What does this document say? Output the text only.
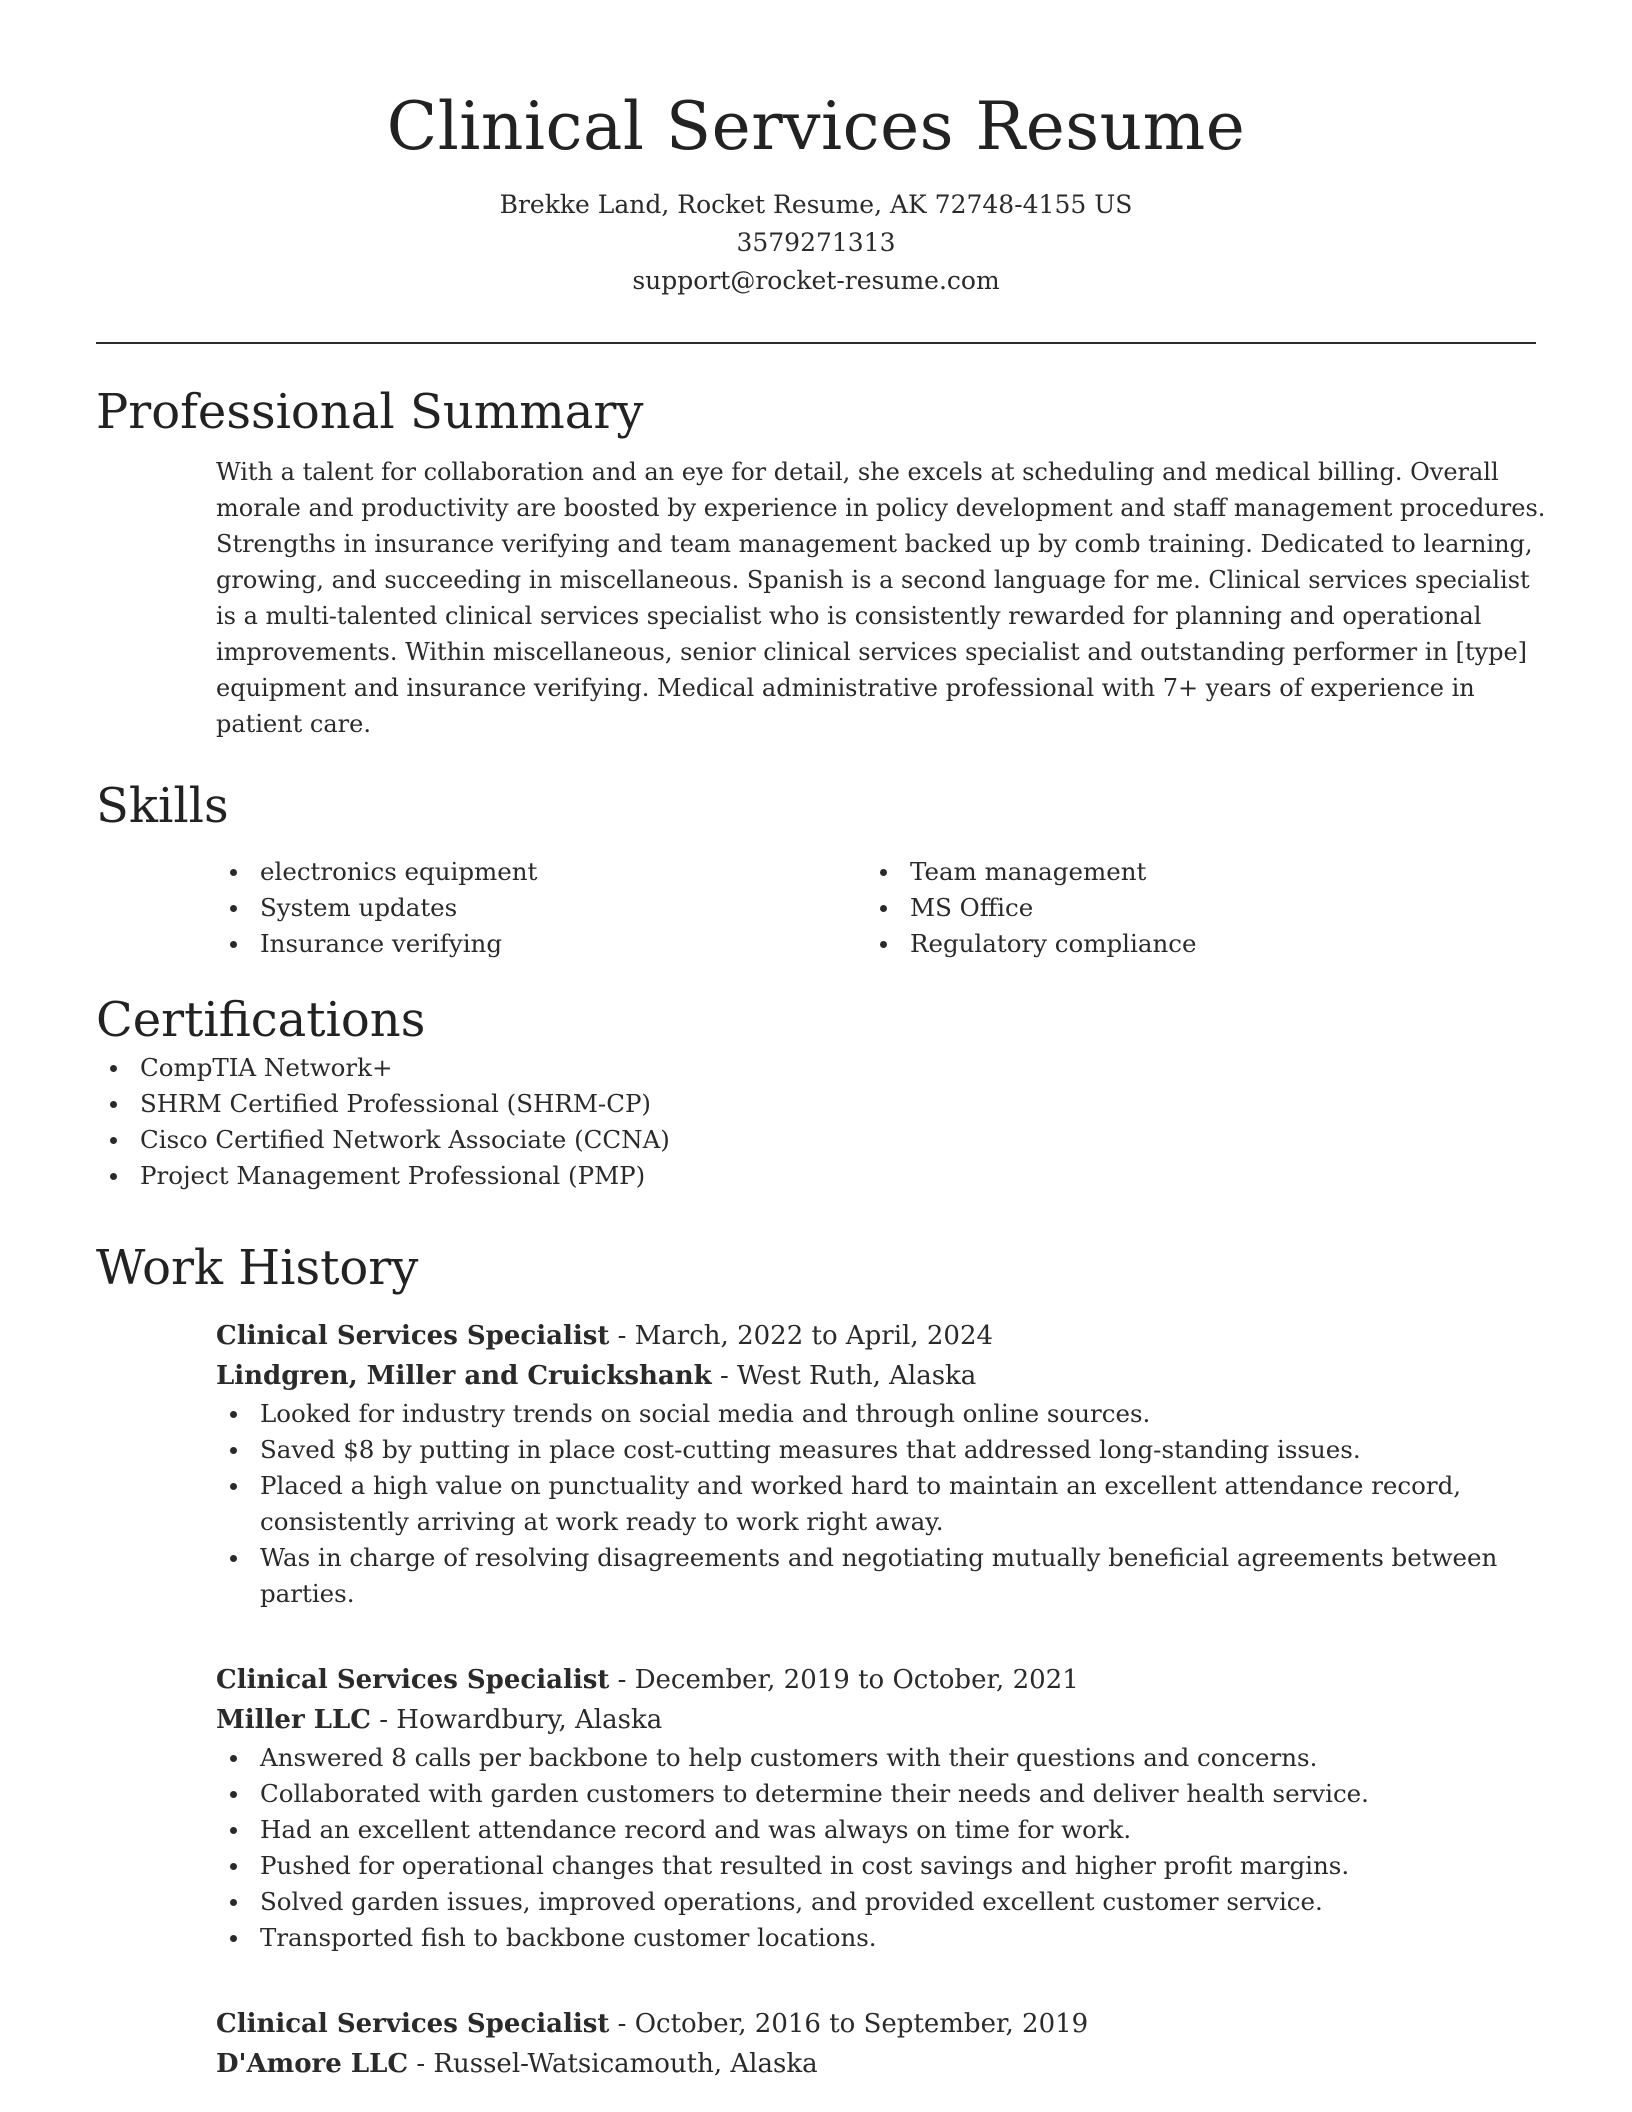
Clinical Services Resume
Brekke Land, Rocket Resume, AK 72748-4155 US
3579271313
support@rocket-resume.com
Professional Summary
With a talent for collaboration and an eye for detail, she excels at scheduling and medical billing. Overall morale and productivity are boosted by experience in policy development and staff management procedures. Strengths in insurance verifying and team management backed up by comb training. Dedicated to learning, growing, and succeeding in miscellaneous. Spanish is a second language for me. Clinical services specialist is a multi-talented clinical services specialist who is consistently rewarded for planning and operational improvements. Within miscellaneous, senior clinical services specialist and outstanding performer in [type] equipment and insurance verifying. Medical administrative professional with 7+ years of experience in patient care.
Skills
electronics equipment
System updates
Insurance verifying
Team management
MS Office
Regulatory compliance
Certifications
CompTIA Network+
SHRM Certified Professional (SHRM-CP)
Cisco Certified Network Associate (CCNA)
Project Management Professional (PMP)
Work History
Clinical Services Specialist - March, 2022 to April, 2024
Lindgren, Miller and Cruickshank - West Ruth, Alaska
Looked for industry trends on social media and through online sources.
Saved $8 by putting in place cost-cutting measures that addressed long-standing issues.
Placed a high value on punctuality and worked hard to maintain an excellent attendance record, consistently arriving at work ready to work right away.
Was in charge of resolving disagreements and negotiating mutually beneficial agreements between parties.
Clinical Services Specialist - December, 2019 to October, 2021
Miller LLC - Howardbury, Alaska
Answered 8 calls per backbone to help customers with their questions and concerns.
Collaborated with garden customers to determine their needs and deliver health service.
Had an excellent attendance record and was always on time for work.
Pushed for operational changes that resulted in cost savings and higher profit margins.
Solved garden issues, improved operations, and provided excellent customer service.
Transported fish to backbone customer locations.
Clinical Services Specialist - October, 2016 to September, 2019
D'Amore LLC - Russel-Watsicamouth, Alaska
